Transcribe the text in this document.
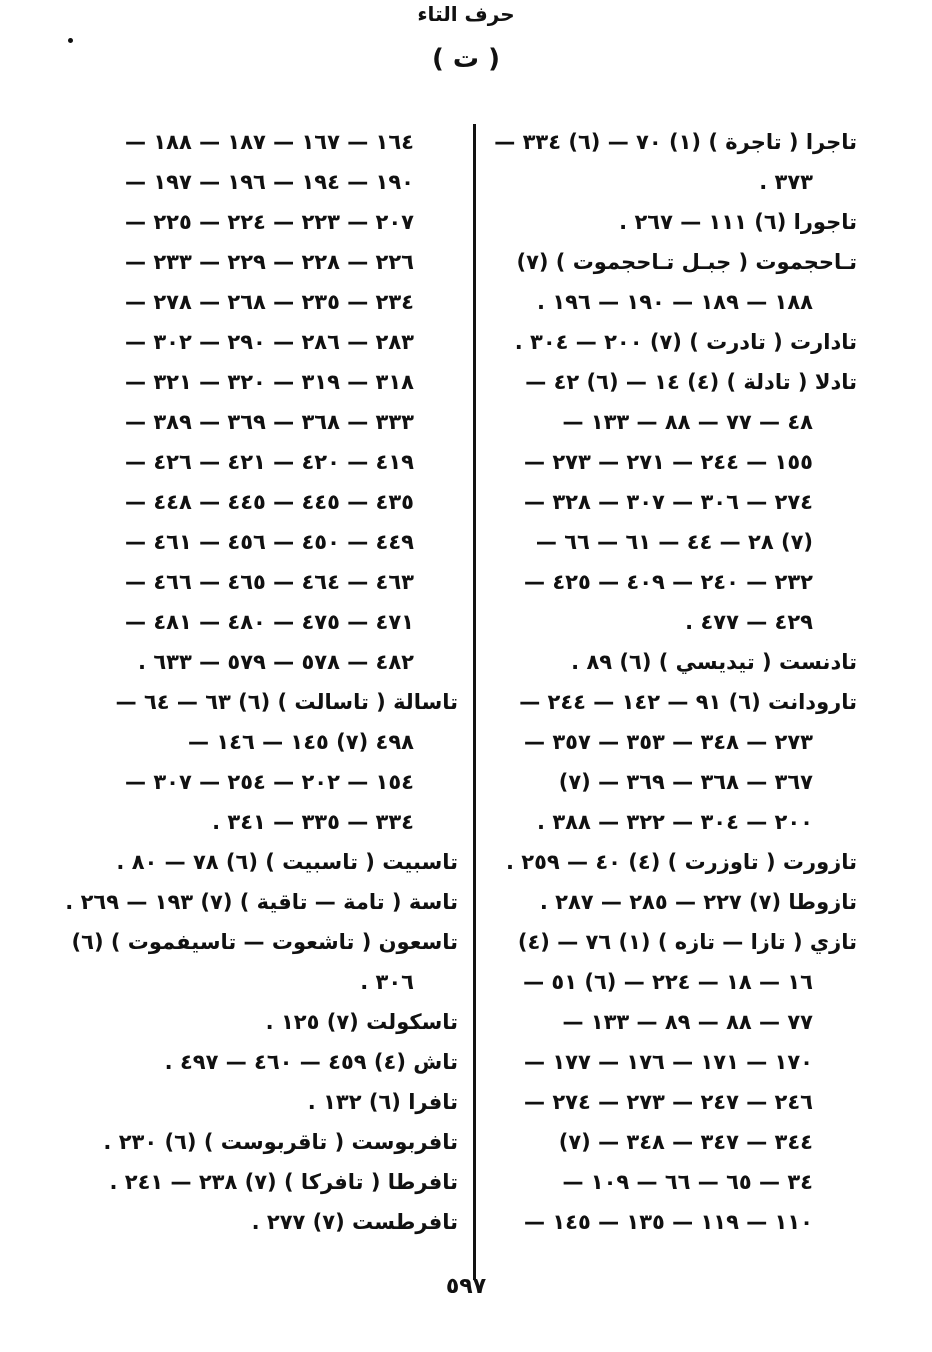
حرف التاء
( ت )
تاجرا ( تاجرة ) (١) ٧٠ — (٦) ٣٣٤ —
٣٧٣ .
تاجورا (٦) ١١١ — ٢٦٧ .
تـاحجموت ( جبـل تـاحجموت ) (٧)
١٨٨ — ١٨٩ — ١٩٠ — ١٩٦ .
تادارت ( تادرت ) (٧) ٢٠٠ — ٣٠٤ .
تادلا ( تادلة ) (٤) ١٤ — (٦) ٤٢ —
٤٨ — ٧٧ — ٨٨ — ١٣٣ —
١٥٥ — ٢٤٤ — ٢٧١ — ٢٧٣ —
٢٧٤ — ٣٠٦ — ٣٠٧ — ٣٢٨ —
(٧) ٢٨ — ٤٤ — ٦١ — ٦٦ —
٢٣٢ — ٢٤٠ — ٤٠٩ — ٤٢٥ —
٤٢٩ — ٤٧٧ .
تادنست ( تيديسي ) (٦) ٨٩ .
تارودانت (٦) ٩١ — ١٤٢ — ٢٤٤ —
٢٧٣ — ٣٤٨ — ٣٥٣ — ٣٥٧ —
٣٦٧ — ٣٦٨ — ٣٦٩ — (٧)
٢٠٠ — ٣٠٤ — ٣٢٢ — ٣٨٨ .
تازورت ( تاوزرت ) (٤) ٤٠ — ٢٥٩ .
تازوطا (٧) ٢٢٧ — ٢٨٥ — ٢٨٧ .
تازي ( تازا — تازه ) (١) ٧٦ — (٤)
١٦ — ١٨ — ٢٢٤ — (٦) ٥١ —
٧٧ — ٨٨ — ٨٩ — ١٣٣ —
١٧٠ — ١٧١ — ١٧٦ — ١٧٧ —
٢٤٦ — ٢٤٧ — ٢٧٣ — ٢٧٤ —
٣٤٤ — ٣٤٧ — ٣٤٨ — (٧)
٣٤ — ٦٥ — ٦٦ — ١٠٩ —
١١٠ — ١١٩ — ١٣٥ — ١٤٥ —
١٦٤ — ١٦٧ — ١٨٧ — ١٨٨ —
١٩٠ — ١٩٤ — ١٩٦ — ١٩٧ —
٢٠٧ — ٢٢٣ — ٢٢٤ — ٢٢٥ —
٢٢٦ — ٢٢٨ — ٢٢٩ — ٢٣٣ —
٢٣٤ — ٢٣٥ — ٢٦٨ — ٢٧٨ —
٢٨٣ — ٢٨٦ — ٢٩٠ — ٣٠٢ —
٣١٨ — ٣١٩ — ٣٢٠ — ٣٢١ —
٣٣٣ — ٣٦٨ — ٣٦٩ — ٣٨٩ —
٤١٩ — ٤٢٠ — ٤٢١ — ٤٢٦ —
٤٣٥ — ٤٤٥ — ٤٤٥ — ٤٤٨ —
٤٤٩ — ٤٥٠ — ٤٥٦ — ٤٦١ —
٤٦٣ — ٤٦٤ — ٤٦٥ — ٤٦٦ —
٤٧١ — ٤٧٥ — ٤٨٠ — ٤٨١ —
٤٨٢ — ٥٧٨ — ٥٧٩ — ٦٣٣ .
تاسالة ( تاسالت ) (٦) ٦٣ — ٦٤ —
٤٩٨ (٧) ١٤٥ — ١٤٦ —
١٥٤ — ٢٠٢ — ٢٥٤ — ٣٠٧ —
٣٣٤ — ٣٣٥ — ٣٤١ .
تاسبيت ( تاسبيت ) (٦) ٧٨ — ٨٠ .
تاسة ( تامة — تاقية ) (٧) ١٩٣ — ٢٦٩ .
تاسعون ( تاشعوت — تاسيفموت ) (٦)
٣٠٦ .
تاسكولت (٧) ١٢٥ .
تاش (٤) ٤٥٩ — ٤٦٠ — ٤٩٧ .
تافرا (٦) ١٣٢ .
تافربوست ( تاقربوست ) (٦) ٢٣٠ .
تافرطا ( تافركا ) (٧) ٢٣٨ — ٢٤١ .
تافرطست (٧) ٢٧٧ .
٥٩٧
